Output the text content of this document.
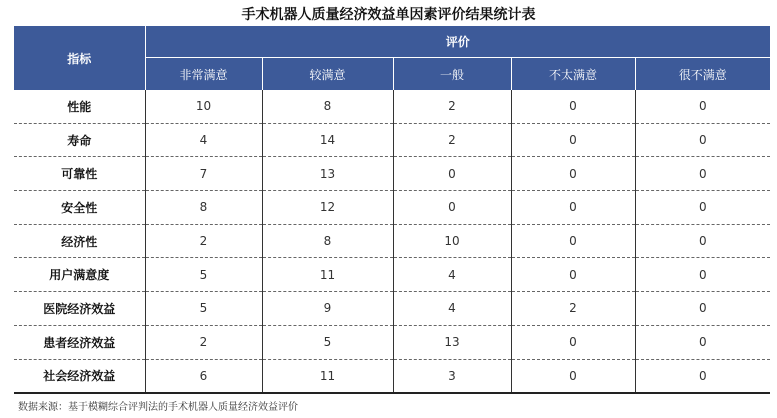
手术机器人质量经济效益单因素评价结果统计表
指标	评价				
	非常满意	较满意	一般	不太满意	很不满意
性能	10	8	2	0	0
寿命	4	14	2	0	0
可靠性	7	13	0	0	0
安全性	8	12	0	0	0
经济性	2	8	10	0	0
用户满意度	5	11	4	0	0
医院经济效益	5	9	4	2	0
患者经济效益	2	5	13	0	0
社会经济效益	6	11	3	0	0
数据来源：基于模糊综合评判法的手术机器人质量经济效益评价
